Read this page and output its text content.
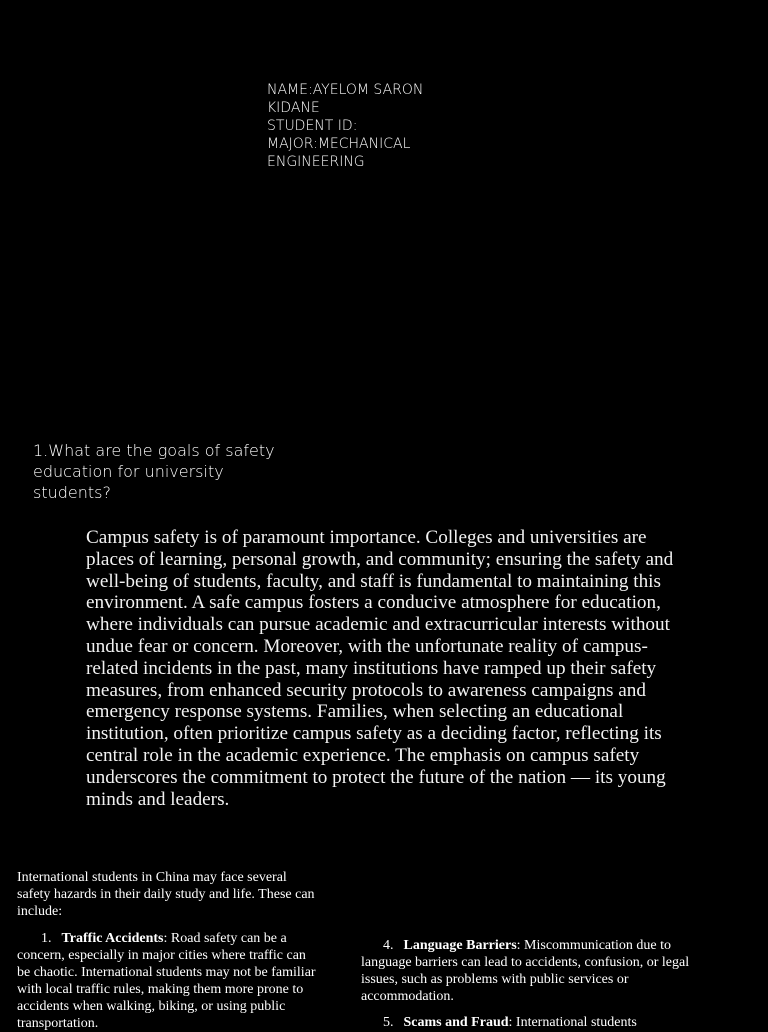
NAME:AYELOM SARON
KIDANE
STUDENT ID:
MAJOR:MECHANICAL
ENGINEERING
1.What are the goals of safety education for university students?
Campus safety is of paramount importance. Colleges and universities are places of learning, personal growth, and community; ensuring the safety and well-being of students, faculty, and staff is fundamental to maintaining this environment. A safe campus fosters a conducive atmosphere for education, where individuals can pursue academic and extracurricular interests without undue fear or concern. Moreover, with the unfortunate reality of campus-related incidents in the past, many institutions have ramped up their safety measures, from enhanced security protocols to awareness campaigns and emergency response systems. Families, when selecting an educational institution, often prioritize campus safety as a deciding factor, reflecting its central role in the academic experience. The emphasis on campus safety underscores the commitment to protect the future of the nation — its young minds and leaders.
International students in China may face several safety hazards in their daily study and life. These can include:
1. Traffic Accidents: Road safety can be a concern, especially in major cities where traffic can be chaotic. International students may not be familiar with local traffic rules, making them more prone to accidents when walking, biking, or using public transportation.
4. Language Barriers: Miscommunication due to language barriers can lead to accidents, confusion, or legal issues, such as problems with public services or accommodation.
5. Scams and Fraud: International students
